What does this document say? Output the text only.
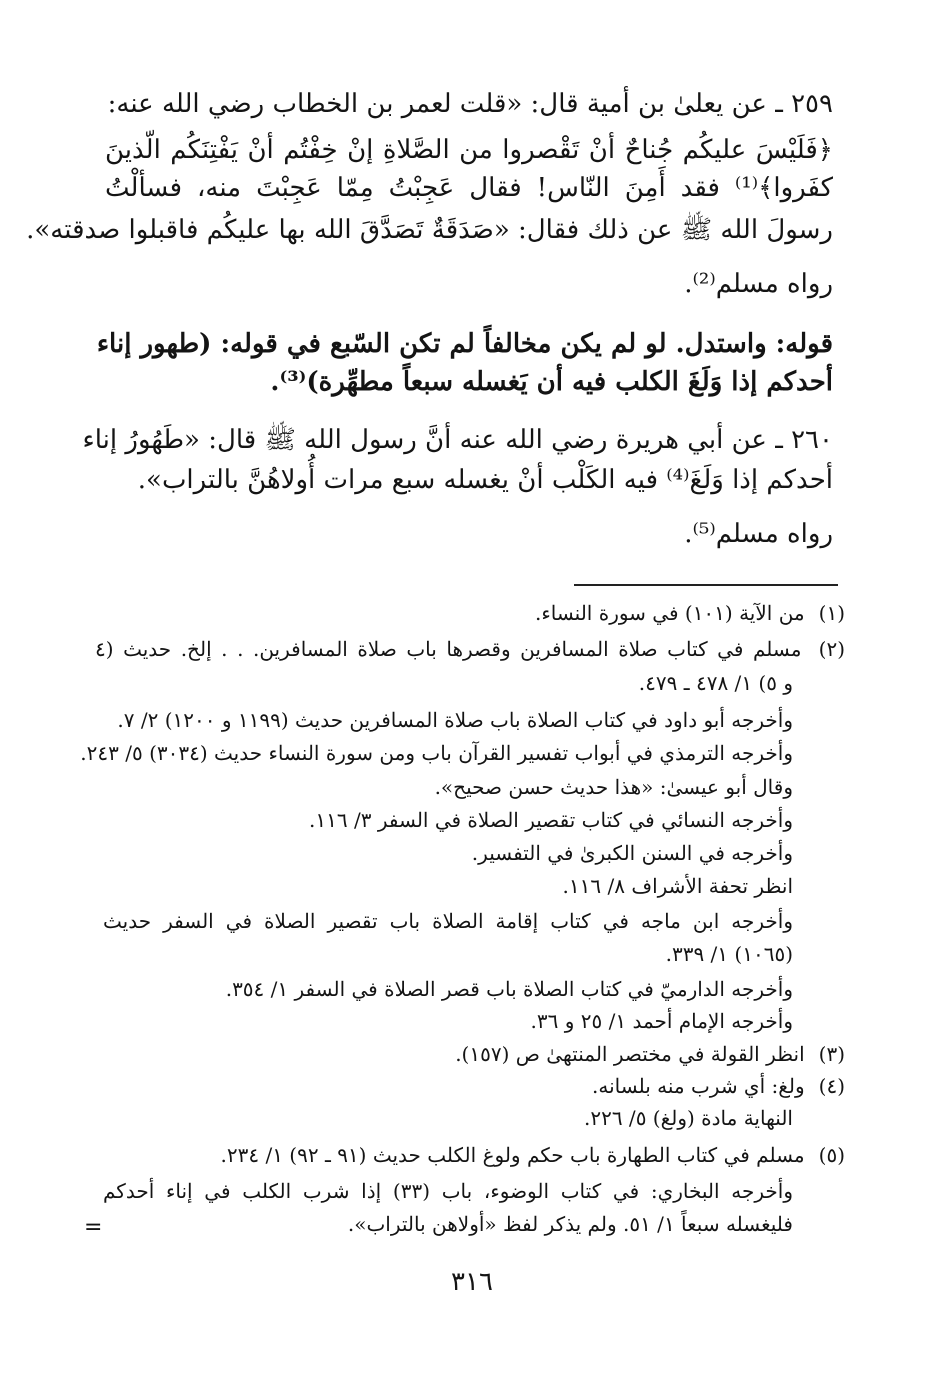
٢٥٩ ـ عن يعلىٰ بن أمية قال: «قلت لعمر بن الخطاب رضي الله عنه:
﴿فَلَيْسَ عليكُم جُناحٌ أنْ تَقْصروا من الصَّلاةِ إنْ خِفْتُم أنْ يَفْتِنَكُم الّذينَ
كفَروا﴾⁽¹⁾ فقد أَمِنَ النّاس! فقال عَجِبْتُ مِمّا عَجِبْتَ منه، فسألْتُ
رسولَ الله ﷺ عن ذلك فقال: «صَدَقَةٌ تَصَدَّقَ الله بها عليكُم فاقبلوا صدقته».
رواه مسلم⁽²⁾.
قوله: واستدل. لو لم يكن مخالفاً لم تكن السّبع في قوله: (طهور إناء
أحدكم إذا وَلَغَ الكلب فيه أن يَغسله سبعاً مطهِّرة)⁽³⁾.
٢٦٠ ـ عن أبي هريرة رضي الله عنه أنَّ رسول الله ﷺ قال: «طَهُورُ إناء
أحدكم إذا وَلَغَ⁽⁴⁾ فيه الكَلْب أنْ يغسله سبع مرات أُولاهُنَّ بالتراب».
رواه مسلم⁽⁵⁾.
(١) من الآية (١٠١) في سورة النساء.
(٢) مسلم في كتاب صلاة المسافرين وقصرها باب صلاة المسافرين. . . إلخ. حديث (٤
و ٥) ١/ ٤٧٨ ـ ٤٧٩.
وأخرجه أبو داود في كتاب الصلاة باب صلاة المسافرين حديث (١١٩٩ و ١٢٠٠) ٢/ ٧.
وأخرجه الترمذي في أبواب تفسير القرآن باب ومن سورة النساء حديث (٣٠٣٤) ٥/ ٢٤٣.
وقال أبو عيسىٰ: «هذا حديث حسن صحيح».
وأخرجه النسائي في كتاب تقصير الصلاة في السفر ٣/ ١١٦.
وأخرجه في السنن الكبرىٰ في التفسير.
انظر تحفة الأشراف ٨/ ١١٦.
وأخرجه ابن ماجه في كتاب إقامة الصلاة باب تقصير الصلاة في السفر حديث
(١٠٦٥) ١/ ٣٣٩.
وأخرجه الدارميّ في كتاب الصلاة باب قصر الصلاة في السفر ١/ ٣٥٤.
وأخرجه الإمام أحمد ١/ ٢٥ و ٣٦.
(٣) انظر القولة في مختصر المنتهىٰ ص (١٥٧).
(٤) ولغ: أي شرب منه بلسانه.
النهاية مادة (ولغ) ٥/ ٢٢٦.
(٥) مسلم في كتاب الطهارة باب حكم ولوغ الكلب حديث (٩١ ـ ٩٢) ١/ ٢٣٤.
وأخرجه البخاري: في كتاب الوضوء، باب (٣٣) إذا شرب الكلب في إناء أحدكم
فليغسله سبعاً ١/ ٥١. ولم يذكر لفظ «أولاهن بالتراب».
=
٣١٦
